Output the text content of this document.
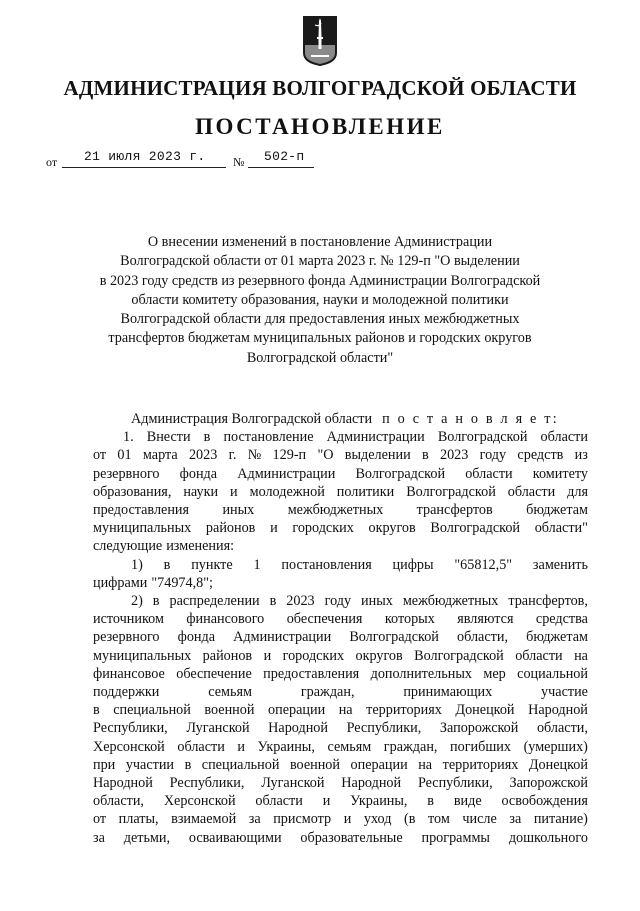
АДМИНИСТРАЦИЯ ВОЛГОГРАДСКОЙ ОБЛАСТИ
ПОСТАНОВЛЕНИЕ
от 21 июля 2023 г. № 502-п
О внесении изменений в постановление Администрации
Волгоградской области от 01 марта 2023 г. № 129-п "О выделении
в 2023 году средств из резервного фонда Администрации Волгоградской
области комитету образования, науки и молодежной политики
Волгоградской области для предоставления иных межбюджетных
трансфертов бюджетам муниципальных районов и городских округов
Волгоградской области"
Администрация Волгоградской области п о с т а н о в л я е т:
1. Внести в постановление Администрации Волгоградской области
от 01 марта 2023 г. № 129-п "О выделении в 2023 году средств из
резервного фонда Администрации Волгоградской области комитету
образования, науки и молодежной политики Волгоградской области для
предоставления иных межбюджетных трансфертов бюджетам
муниципальных районов и городских округов Волгоградской области"
следующие изменения:
1) в пункте 1 постановления цифры "65812,5" заменить
цифрами "74974,8";
2) в распределении в 2023 году иных межбюджетных трансфертов,
источником финансового обеспечения которых являются средства
резервного фонда Администрации Волгоградской области, бюджетам
муниципальных районов и городских округов Волгоградской области на
финансовое обеспечение предоставления дополнительных мер социальной
поддержки	семьям	граждан,	принимающих	участие
в специальной военной операции на территориях Донецкой Народной
Республики, Луганской Народной Республики, Запорожской области,
Херсонской области и Украины, семьям граждан, погибших (умерших)
при участии в специальной военной операции на территориях Донецкой
Народной Республики, Луганской Народной Республики, Запорожской
области, Херсонской области и Украины, в виде освобождения
от платы, взимаемой за присмотр и уход (в том числе за питание)
за детьми, осваивающими образовательные программы дошкольного
